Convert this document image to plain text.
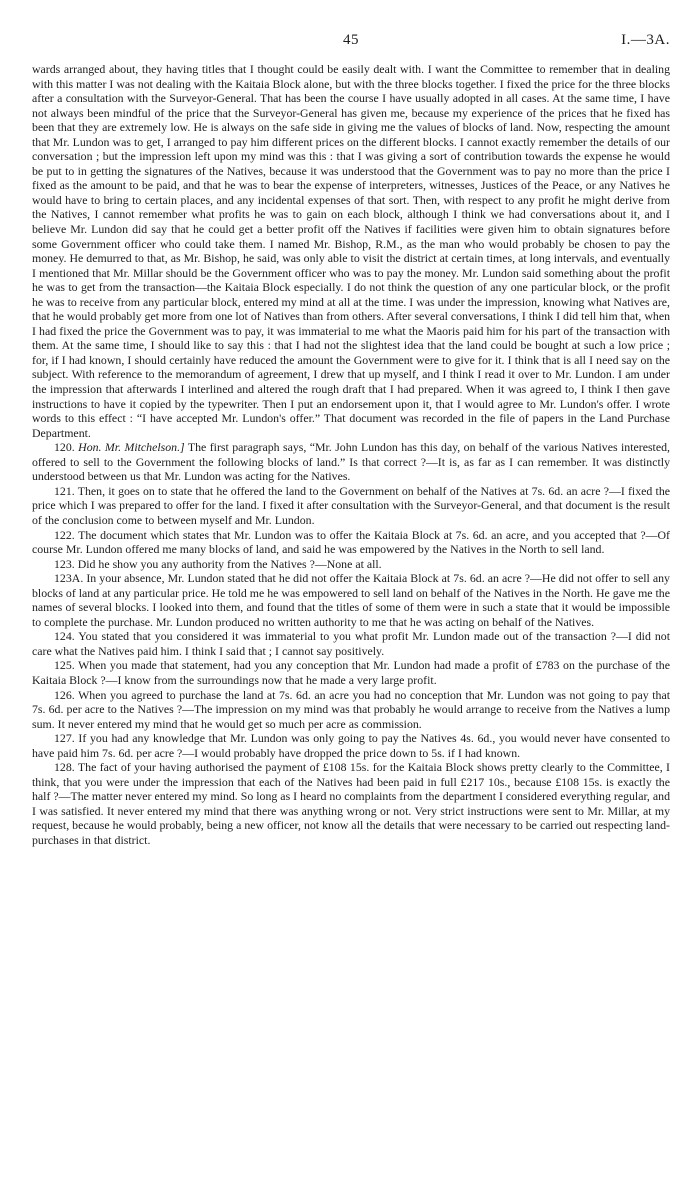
45	I.—3A.

wards arranged about, they having titles that I thought could be easily dealt with. I want the Committee to remember that in dealing with this matter I was not dealing with the Kaitaia Block alone, but with the three blocks together. I fixed the price for the three blocks after a consultation with the Surveyor-General. That has been the course I have usually adopted in all cases. At the same time, I have not always been mindful of the price that the Surveyor-General has given me, because my experience of the prices that he fixed has been that they are extremely low. He is always on the safe side in giving me the values of blocks of land. Now, respecting the amount that Mr. Lundon was to get, I arranged to pay him different prices on the different blocks. I cannot exactly remember the details of our conversation ; but the impression left upon my mind was this : that I was giving a sort of contribution towards the expense he would be put to in getting the signatures of the Natives, because it was understood that the Government was to pay no more than the price I fixed as the amount to be paid, and that he was to bear the expense of interpreters, witnesses, Justices of the Peace, or any Natives he would have to bring to certain places, and any incidental expenses of that sort. Then, with respect to any profit he might derive from the Natives, I cannot remember what profits he was to gain on each block, although I think we had conversations about it, and I believe Mr. Lundon did say that he could get a better profit off the Natives if facilities were given him to obtain signatures before some Government officer who could take them. I named Mr. Bishop, R.M., as the man who would probably be chosen to pay the money. He demurred to that, as Mr. Bishop, he said, was only able to visit the district at certain times, at long intervals, and eventually I mentioned that Mr. Millar should be the Government officer who was to pay the money. Mr. Lundon said something about the profit he was to get from the transaction—the Kaitaia Block especially. I do not think the question of any one particular block, or the profit he was to receive from any particular block, entered my mind at all at the time. I was under the impression, knowing what Natives are, that he would probably get more from one lot of Natives than from others. After several conversations, I think I did tell him that, when I had fixed the price the Government was to pay, it was immaterial to me what the Maoris paid him for his part of the transaction with them. At the same time, I should like to say this : that I had not the slightest idea that the land could be bought at such a low price ; for, if I had known, I should certainly have reduced the amount the Government were to give for it. I think that is all I need say on the subject. With reference to the memorandum of agreement, I drew that up myself, and I think I read it over to Mr. Lundon. I am under the impression that afterwards I interlined and altered the rough draft that I had prepared. When it was agreed to, I think I then gave instructions to have it copied by the typewriter. Then I put an endorsement upon it, that I would agree to Mr. Lundon's offer. I wrote words to this effect : “I have accepted Mr. Lundon's offer.” That document was recorded in the file of papers in the Land Purchase Department.

120. Hon. Mr. Mitchelson.] The first paragraph says, “Mr. John Lundon has this day, on behalf of the various Natives interested, offered to sell to the Government the following blocks of land.” Is that correct ?—It is, as far as I can remember. It was distinctly understood between us that Mr. Lundon was acting for the Natives.

121. Then, it goes on to state that he offered the land to the Government on behalf of the Natives at 7s. 6d. an acre ?—I fixed the price which I was prepared to offer for the land. I fixed it after consultation with the Surveyor-General, and that document is the result of the conclusion come to between myself and Mr. Lundon.

122. The document which states that Mr. Lundon was to offer the Kaitaia Block at 7s. 6d. an acre, and you accepted that ?—Of course Mr. Lundon offered me many blocks of land, and said he was empowered by the Natives in the North to sell land.

123. Did he show you any authority from the Natives ?—None at all.

123A. In your absence, Mr. Lundon stated that he did not offer the Kaitaia Block at 7s. 6d. an acre ?—He did not offer to sell any blocks of land at any particular price. He told me he was empowered to sell land on behalf of the Natives in the North. He gave me the names of several blocks. I looked into them, and found that the titles of some of them were in such a state that it would be impossible to complete the purchase. Mr. Lundon produced no written authority to me that he was acting on behalf of the Natives.

124. You stated that you considered it was immaterial to you what profit Mr. Lundon made out of the transaction ?—I did not care what the Natives paid him. I think I said that ; I cannot say positively.

125. When you made that statement, had you any conception that Mr. Lundon had made a profit of £783 on the purchase of the Kaitaia Block ?—I know from the surroundings now that he made a very large profit.

126. When you agreed to purchase the land at 7s. 6d. an acre you had no conception that Mr. Lundon was not going to pay that 7s. 6d. per acre to the Natives ?—The impression on my mind was that probably he would arrange to receive from the Natives a lump sum. It never entered my mind that he would get so much per acre as commission.

127. If you had any knowledge that Mr. Lundon was only going to pay the Natives 4s. 6d., you would never have consented to have paid him 7s. 6d. per acre ?—I would probably have dropped the price down to 5s. if I had known.

128. The fact of your having authorised the payment of £108 15s. for the Kaitaia Block shows pretty clearly to the Committee, I think, that you were under the impression that each of the Natives had been paid in full £217 10s., because £108 15s. is exactly the half ?—The matter never entered my mind. So long as I heard no complaints from the department I considered everything regular, and I was satisfied. It never entered my mind that there was anything wrong or not. Very strict instructions were sent to Mr. Millar, at my request, because he would probably, being a new officer, not know all the details that were necessary to be carried out respecting land-purchases in that district.
